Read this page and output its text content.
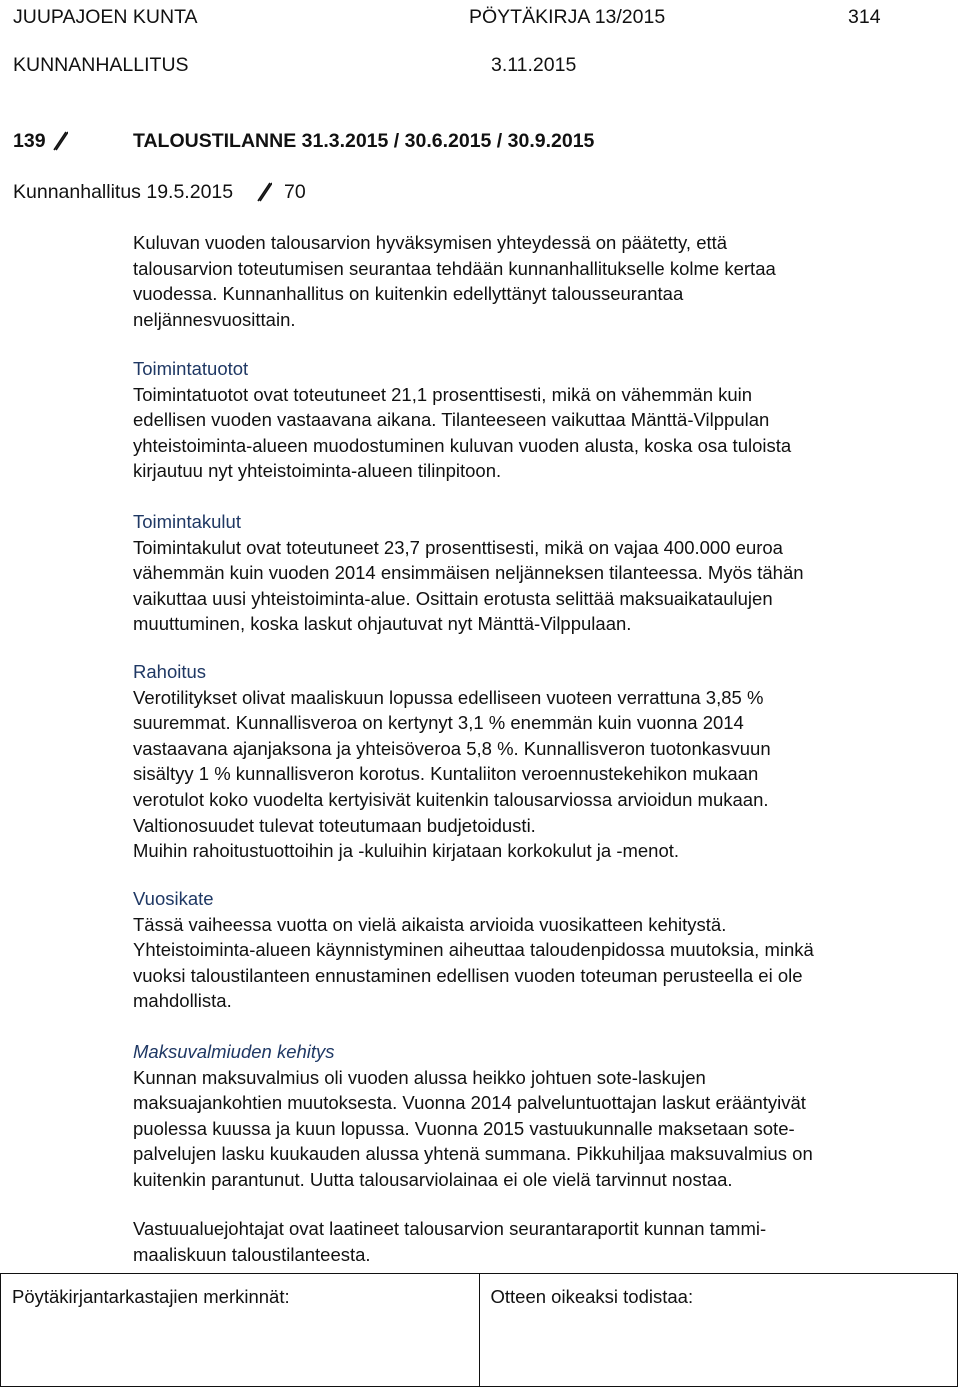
JUUPAJOEN KUNTA	PÖYTÄKIRJA 13/2015	314
KUNNANHALLITUS	3.11.2015
139	TALOUSTILANNE 31.3.2015 / 30.6.2015 / 30.9.2015
Kunnanhallitus 19.5.2015	70

Kuluvan vuoden talousarvion hyväksymisen yhteydessä on päätetty, että

talousarvion toteutumisen seurantaa tehdään kunnanhallitukselle kolme kertaa

vuodessa. Kunnanhallitus on kuitenkin edellyttänyt talousseurantaa

neljännesvuosittain.

Toimintatuotot

Toimintatuotot ovat toteutuneet 21,1 prosenttisesti, mikä on vähemmän kuin

edellisen vuoden vastaavana aikana. Tilanteeseen vaikuttaa Mänttä-Vilppulan

yhteistoiminta-alueen muodostuminen kuluvan vuoden alusta, koska osa tuloista

kirjautuu nyt yhteistoiminta-alueen tilinpitoon.

Toimintakulut

Toimintakulut ovat toteutuneet 23,7 prosenttisesti, mikä on vajaa 400.000 euroa

vähemmän kuin vuoden 2014 ensimmäisen neljänneksen tilanteessa. Myös tähän

vaikuttaa uusi yhteistoiminta-alue. Osittain erotusta selittää maksuaikataulujen

muuttuminen, koska laskut ohjautuvat nyt Mänttä-Vilppulaan.

Rahoitus

Verotilitykset olivat maaliskuun lopussa edelliseen vuoteen verrattuna 3,85 %

suuremmat. Kunnallisveroa on kertynyt 3,1 % enemmän kuin vuonna 2014

vastaavana ajanjaksona ja yhteisöveroa 5,8 %. Kunnallisveron tuotonkasvuun

sisältyy 1 % kunnallisveron korotus. Kuntaliiton veroennustekehikon mukaan

verotulot koko vuodelta kertyisivät kuitenkin talousarviossa arvioidun mukaan.

Valtionosuudet tulevat toteutumaan budjetoidusti.

Muihin rahoitustuottoihin ja -kuluihin kirjataan korkokulut ja -menot.

Vuosikate

Tässä vaiheessa vuotta on vielä aikaista arvioida vuosikatteen kehitystä.

Yhteistoiminta-alueen käynnistyminen aiheuttaa taloudenpidossa muutoksia, minkä

vuoksi taloustilanteen ennustaminen edellisen vuoden toteuman perusteella ei ole

mahdollista.

Maksuvalmiuden kehitys

Kunnan maksuvalmius oli vuoden alussa heikko johtuen sote-laskujen

maksuajankohtien muutoksesta. Vuonna 2014 palveluntuottajan laskut erääntyivät

puolessa kuussa ja kuun lopussa. Vuonna 2015 vastuukunnalle maksetaan sote-

palvelujen lasku kuukauden alussa yhtenä summana. Pikkuhiljaa maksuvalmius on

kuitenkin parantunut. Uutta talousarviolainaa ei ole vielä tarvinnut nostaa.

Vastuualuejohtajat ovat laatineet talousarvion seurantaraportit kunnan tammi-

maaliskuun taloustilanteesta.

Pöytäkirjantarkastajien merkinnät:	Otteen oikeaksi todistaa:
